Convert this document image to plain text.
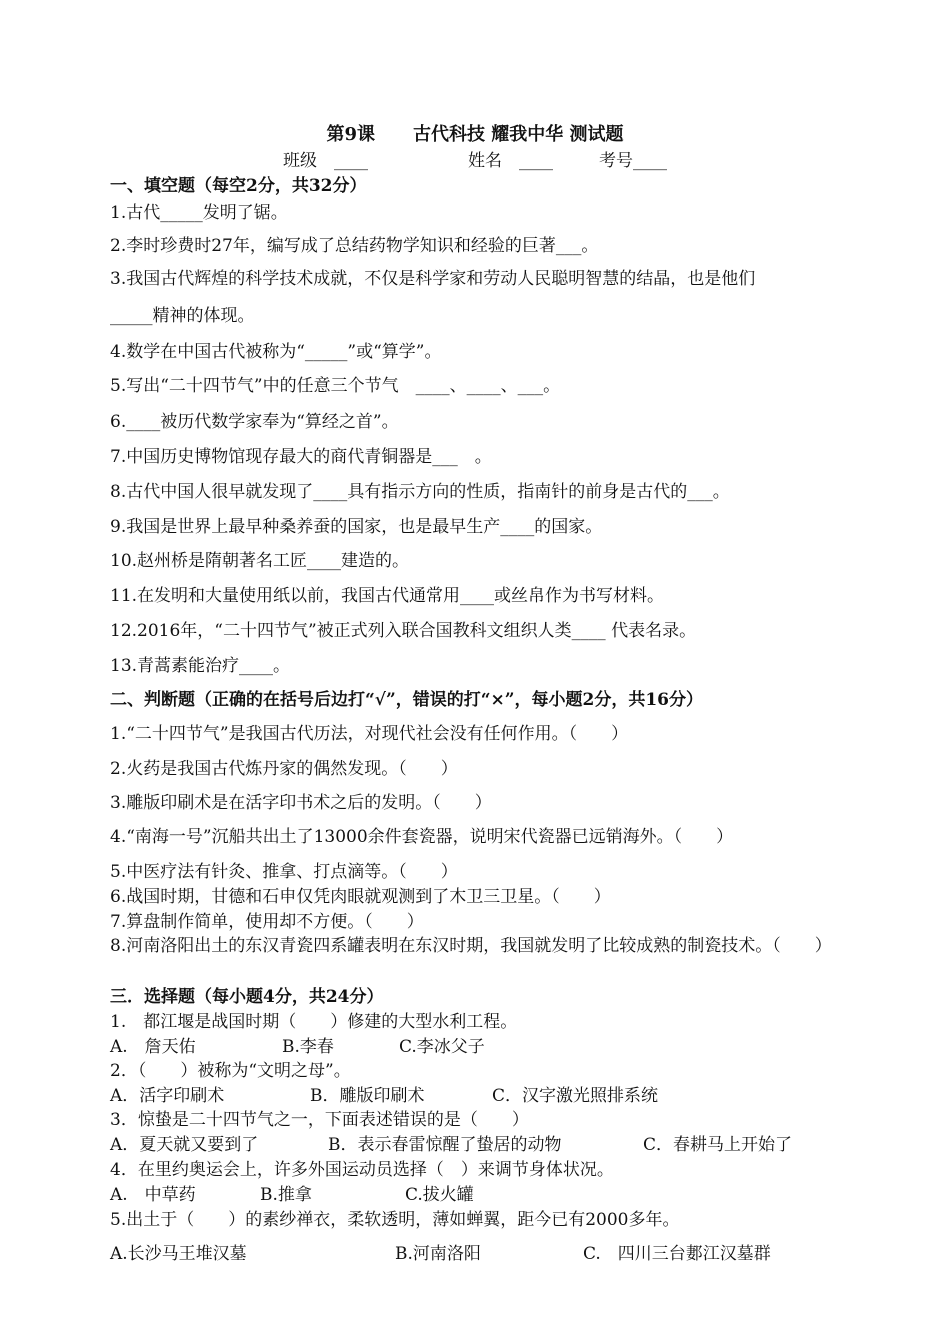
第9课 古代科技 耀我中华 测试题
班级　____	姓名　____	考号____
一、填空题（每空2分，共32分）
1.古代_____发明了锯。
2.李时珍费时27年，编写成了总结药物学知识和经验的巨著___。
3.我国古代辉煌的科学技术成就，不仅是科学家和劳动人民聪明智慧的结晶，也是他们
_____精神的体现。
4.数学在中国古代被称为“_____”或“算学”。
5.写出“二十四节气”中的任意三个节气　____、____、___。
6.____被历代数学家奉为“算经之首”。
7.中国历史博物馆现存最大的商代青铜器是___　。
8.古代中国人很早就发现了____具有指示方向的性质，指南针的前身是古代的___。
9.我国是世界上最早种桑养蚕的国家，也是最早生产____的国家。
10.赵州桥是隋朝著名工匠____建造的。
11.在发明和大量使用纸以前，我国古代通常用____或丝帛作为书写材料。
12.2016年，“二十四节气”被正式列入联合国教科文组织人类____ 代表名录。
13.青蒿素能治疗____。
二、判断题（正确的在括号后边打“√”，错误的打“×”，每小题2分，共16分）
1.“二十四节气”是我国古代历法，对现代社会没有任何作用。（　　）
2.火药是我国古代炼丹家的偶然发现。（　　）
3.雕版印刷术是在活字印书术之后的发明。（　　）
4.“南海一号”沉船共出土了13000余件套瓷器，说明宋代瓷器已远销海外。（　　）
5.中医疗法有针灸、推拿、打点滴等。（　　）
6.战国时期，甘德和石申仅凭肉眼就观测到了木卫三卫星。（　　）
7.算盘制作简单，使用却不方便。（　　）
8.河南洛阳出土的东汉青瓷四系罐表明在东汉时期，我国就发明了比较成熟的制瓷技术。（　　）
三．选择题（每小题4分，共24分）
1.　都江堰是战国时期（　　）修建的大型水利工程。
A.　詹天佑	B.李春	C.李冰父子
2．（　　）被称为“文明之母”。
A．活字印刷术	B．雕版印刷术	C．汉字激光照排系统
3．惊蛰是二十四节气之一，下面表述错误的是（　　）
A．夏天就又要到了	B．表示春雷惊醒了蛰居的动物	C．春耕马上开始了
4．在里约奥运会上，许多外国运动员选择（　）来调节身体状况。
A.　中草药	B.推拿	C.拔火罐
5.出土于（　　）的素纱禅衣，柔软透明，薄如蝉翼，距今已有2000多年。
A.长沙马王堆汉墓	B.河南洛阳	C.　四川三台郪江汉墓群
